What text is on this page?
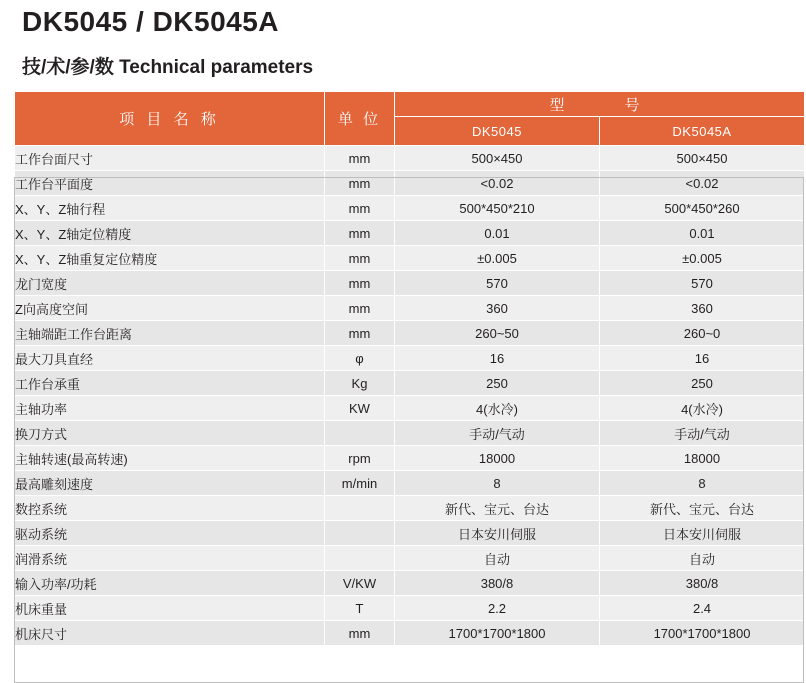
DK5045 / DK5045A
技/术/参/数 Technical parameters
项 目 名 称	单 位	型　　号	
		DK5045	DK5045A
工作台面尺寸	mm	500×450	500×450
工作台平面度	mm	<0.02	<0.02
X、Y、Z轴行程	mm	500*450*210	500*450*260
X、Y、Z轴定位精度	mm	0.01	0.01
X、Y、Z轴重复定位精度	mm	±0.005	±0.005
龙门宽度	mm	570	570
Z向高度空间	mm	360	360
主轴端距工作台距离	mm	260~50	260~0
最大刀具直经	φ	16	16
工作台承重	Kg	250	250
主轴功率	KW	4(水冷)	4(水冷)
换刀方式		手动/气动	手动/气动
主轴转速(最高转速)	rpm	18000	18000
最高雕刻速度	m/min	8	8
数控系统		新代、宝元、台达	新代、宝元、台达
驱动系统		日本安川伺服	日本安川伺服
润滑系统		自动	自动
输入功率/功耗	V/KW	380/8	380/8
机床重量	T	2.2	2.4
机床尺寸	mm	1700*1700*1800	1700*1700*1800
